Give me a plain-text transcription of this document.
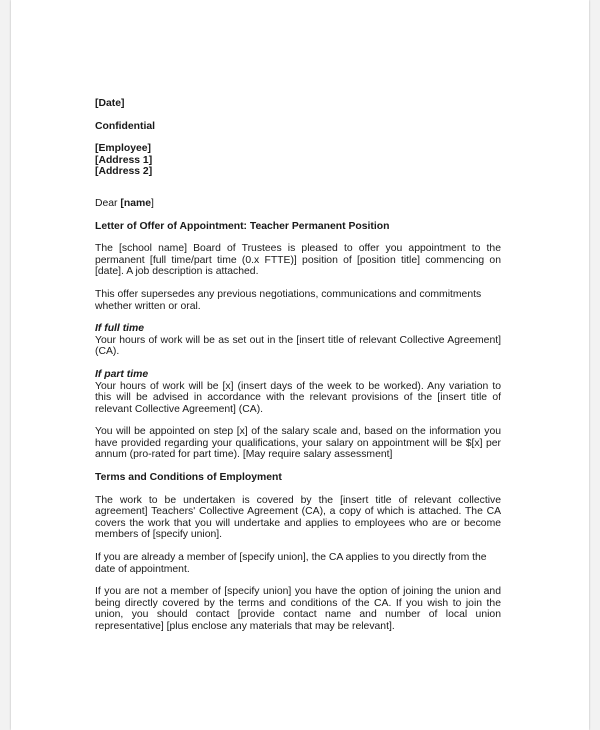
[Date]

Confidential

[Employee]

[Address 1]

[Address 2]

Dear [name]

Letter of Offer of Appointment: Teacher Permanent Position

The [school name] Board of Trustees is pleased to offer you appointment to the permanent [full time/part time (0.x FTTE)] position of [position title] commencing on [date]. A job description is attached.

This offer supersedes any previous negotiations, communications and commitments whether written or oral.

If full time

Your hours of work will be as set out in the [insert title of relevant Collective Agreement] (CA).

If part time

Your hours of work will be [x] (insert days of the week to be worked). Any variation to this will be advised in accordance with the relevant provisions of the [insert title of relevant Collective Agreement] (CA).

You will be appointed on step [x] of the salary scale and, based on the information you have provided regarding your qualifications, your salary on appointment will be $[x] per annum (pro-rated for part time). [May require salary assessment]

Terms and Conditions of Employment

The work to be undertaken is covered by the [insert title of relevant collective agreement] Teachers' Collective Agreement (CA), a copy of which is attached. The CA covers the work that you will undertake and applies to employees who are or become members of [specify union].

If you are already a member of [specify union], the CA applies to you directly from the date of appointment.

If you are not a member of [specify union] you have the option of joining the union and being directly covered by the terms and conditions of the CA. If you wish to join the union, you should contact [provide contact name and number of local union representative] [plus enclose any materials that may be relevant].
